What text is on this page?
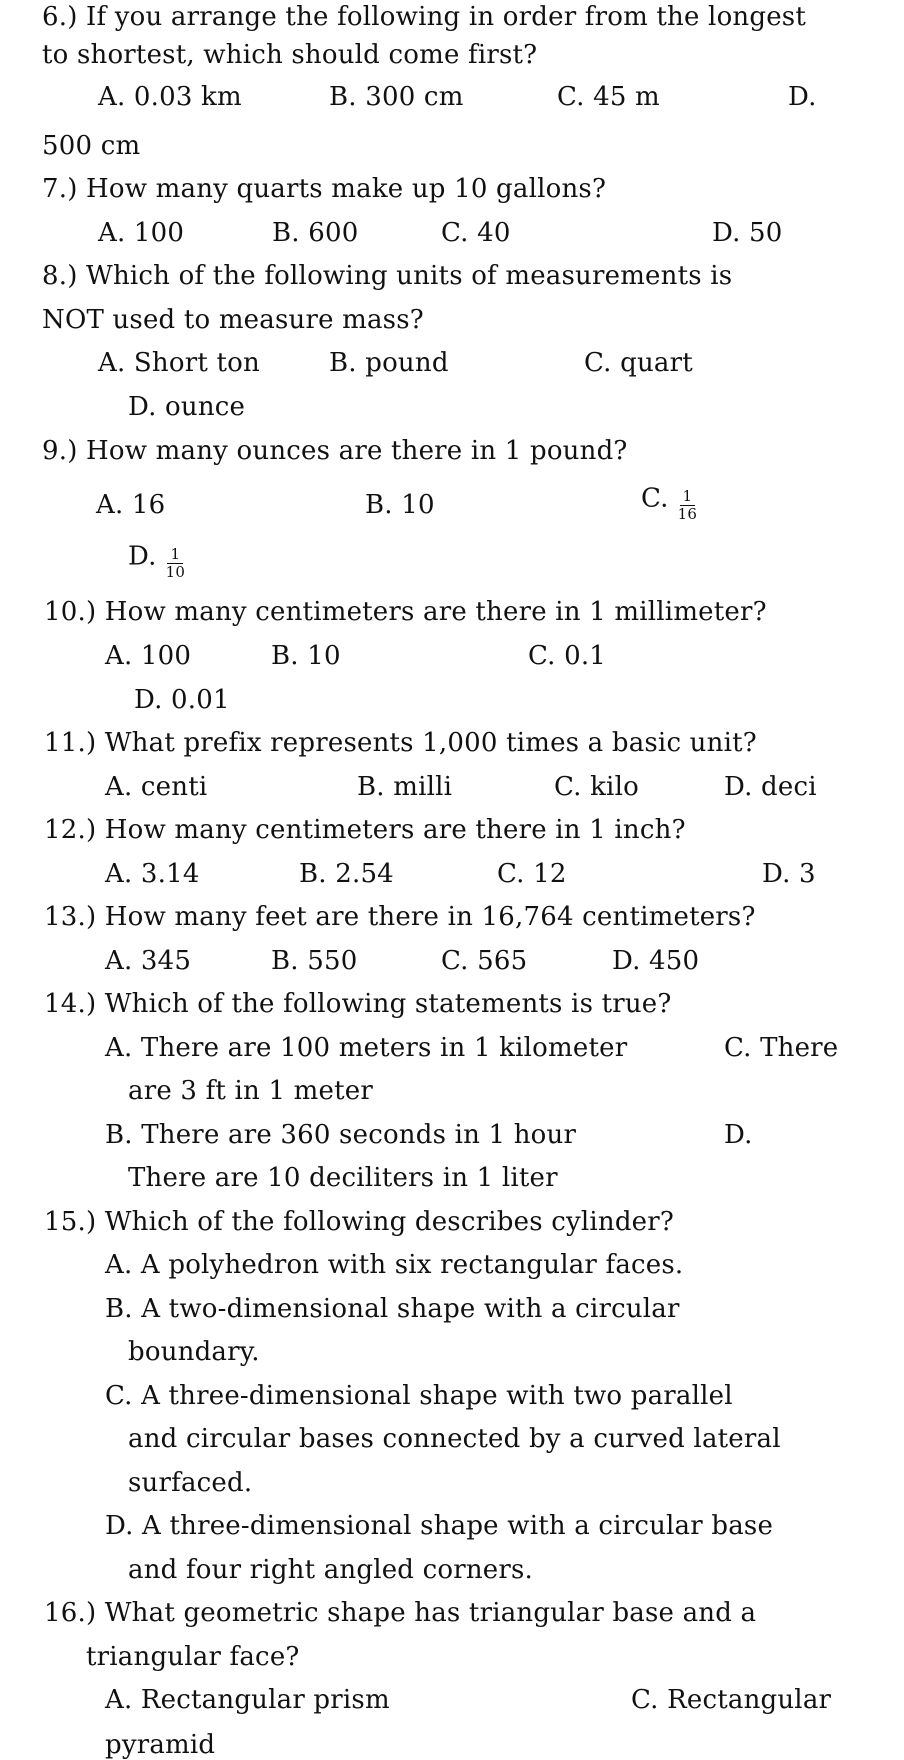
6.) If you arrange the following in order from the longest
to shortest, which should come first?
A. 0.03 km	B. 300 cm	C. 45 m	D.
500 cm
7.) How many quarts make up 10 gallons?
A. 100	B. 600	C. 40	D. 50
8.) Which of the following units of measurements is
NOT used to measure mass?
A. Short ton	B. pound	C. quart
D. ounce
9.) How many ounces are there in 1 pound?
A. 16	B. 10	C. $\frac{1}{16}$
D. $\frac{1}{10}$
10.) How many centimeters are there in 1 millimeter?
A. 100	B. 10	C. 0.1
D. 0.01
11.) What prefix represents 1,000 times a basic unit?
A. centi	B. milli	C. kilo	D. deci
12.) How many centimeters are there in 1 inch?
A. 3.14	B. 2.54	C. 12	D. 3
13.) How many feet are there in 16,764 centimeters?
A. 345	B. 550	C. 565	D. 450
14.) Which of the following statements is true?
A. There are 100 meters in 1 kilometer	C. There
are 3 ft in 1 meter
B. There are 360 seconds in 1 hour	D.
There are 10 deciliters in 1 liter
15.) Which of the following describes cylinder?
A. A polyhedron with six rectangular faces.
B. A two-dimensional shape with a circular
boundary.
C. A three-dimensional shape with two parallel
and circular bases connected by a curved lateral
surfaced.
D. A three-dimensional shape with a circular base
and four right angled corners.
16.) What geometric shape has triangular base and a
triangular face?
A. Rectangular prism	C. Rectangular
pyramid
